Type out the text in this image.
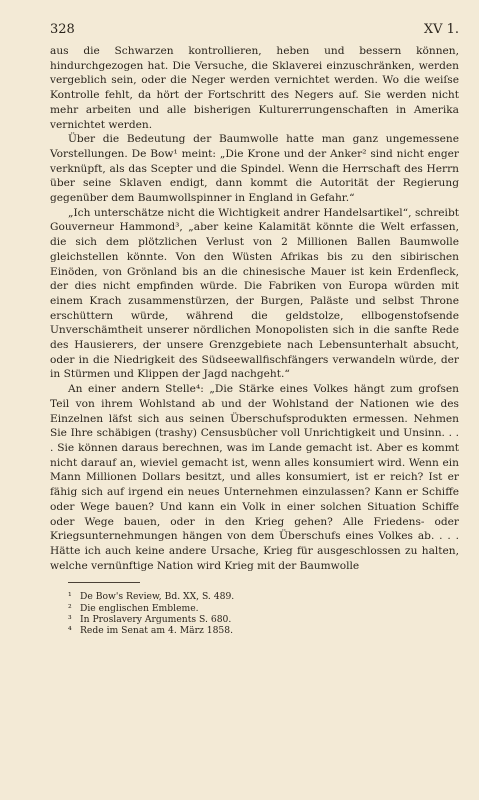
328	XV 1.

aus die Schwarzen kontrollieren, heben und bessern können, hindurchgezogen hat. Die Versuche, die Sklaverei einzuschränken, werden vergeblich sein, oder die Neger werden vernichtet werden. Wo die weiſse Kontrolle fehlt, da hört der Fortschritt des Negers auf. Sie werden nicht mehr arbeiten und alle bisherigen Kulturerrungenschaften in Amerika vernichtet werden.

Über die Bedeutung der Baumwolle hatte man ganz ungemessene Vorstellungen. De Bow¹ meint: „Die Krone und der Anker² sind nicht enger verknüpft, als das Scepter und die Spindel. Wenn die Herrschaft des Herrn über seine Sklaven endigt, dann kommt die Autorität der Regierung gegenüber dem Baumwollspinner in England in Gefahr.“

„Ich unterschätze nicht die Wichtigkeit andrer Handelsartikel“, schreibt Gouverneur Hammond³, „aber keine Kalamität könnte die Welt erfassen, die sich dem plötzlichen Verlust von 2 Millionen Ballen Baumwolle gleichstellen könnte. Von den Wüsten Afrikas bis zu den sibirischen Einöden, von Grönland bis an die chinesische Mauer ist kein Erdenfleck, der dies nicht empfinden würde. Die Fabriken von Europa würden mit einem Krach zusammenstürzen, der Burgen, Paläste und selbst Throne erschüttern würde, während die geldstolze, ellbogenstofsende Unverschämtheit unserer nördlichen Monopolisten sich in die sanfte Rede des Hausierers, der unsere Grenzgebiete nach Lebensunterhalt absucht, oder in die Niedrigkeit des Südseewallfischfängers verwandeln würde, der in Stürmen und Klippen der Jagd nachgeht.“

An einer andern Stelle⁴: „Die Stärke eines Volkes hängt zum grofsen Teil von ihrem Wohlstand ab und der Wohlstand der Nationen wie des Einzelnen läfst sich aus seinen Überschufsprodukten ermessen. Nehmen Sie Ihre schäbigen (trashy) Censusbücher voll Unrichtigkeit und Unsinn. . . . Sie können daraus berechnen, was im Lande gemacht ist. Aber es kommt nicht darauf an, wieviel gemacht ist, wenn alles konsumiert wird. Wenn ein Mann Millionen Dollars besitzt, und alles konsumiert, ist er reich? Ist er fähig sich auf irgend ein neues Unternehmen einzulassen? Kann er Schiffe oder Wege bauen? Und kann ein Volk in einer solchen Situation Schiffe oder Wege bauen, oder in den Krieg gehen? Alle Friedens- oder Kriegsunternehmungen hängen von dem Überschufs eines Volkes ab. . . . Hätte ich auch keine andere Ursache, Krieg für ausgeschlossen zu halten, welche vernünftige Nation wird Krieg mit der Baumwolle

¹ De Bow's Review, Bd. XX, S. 489.
² Die englischen Embleme.
³ In Proslavery Arguments S. 680.
⁴ Rede im Senat am 4. März 1858.
